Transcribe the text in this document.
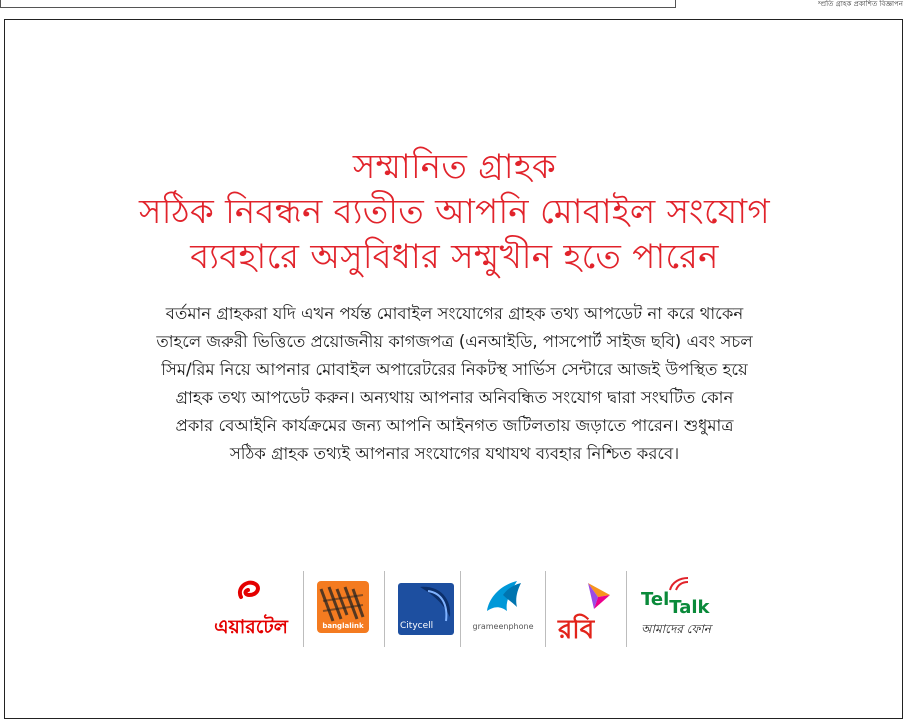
ম্প্রতি গ্রাহক প্রকাশিত বিজ্ঞাপন
সম্মানিত গ্রাহক
সঠিক নিবন্ধন ব্যতীত আপনি মোবাইল সংযোগ
ব্যবহারে অসুবিধার সম্মুখীন হতে পারেন
বর্তমান গ্রাহকরা যদি এখন পর্যন্ত মোবাইল সংযোগের গ্রাহক তথ্য আপডেট না করে থাকেন
তাহলে জরুরী ভিত্তিতে প্রয়োজনীয় কাগজপত্র (এনআইডি, পাসপোর্ট সাইজ ছবি) এবং সচল
সিম/রিম নিয়ে আপনার মোবাইল অপারেটরের নিকটস্থ সার্ভিস সেন্টারে আজই উপস্থিত হয়ে
গ্রাহক তথ্য আপডেট করুন। অন্যথায় আপনার অনিবন্ধিত সংযোগ দ্বারা সংঘটিত কোন
প্রকার বেআইনি কার্যক্রমের জন্য আপনি আইনগত জটিলতায় জড়াতে পারেন। শুধুমাত্র
সঠিক গ্রাহক তথ্যই আপনার সংযোগের যথাযথ ব্যবহার নিশ্চিত করবে।
এয়ারটেল	banglalink	Citycell	grameenphone রবি
TelTalk
আমাদের ফোন
